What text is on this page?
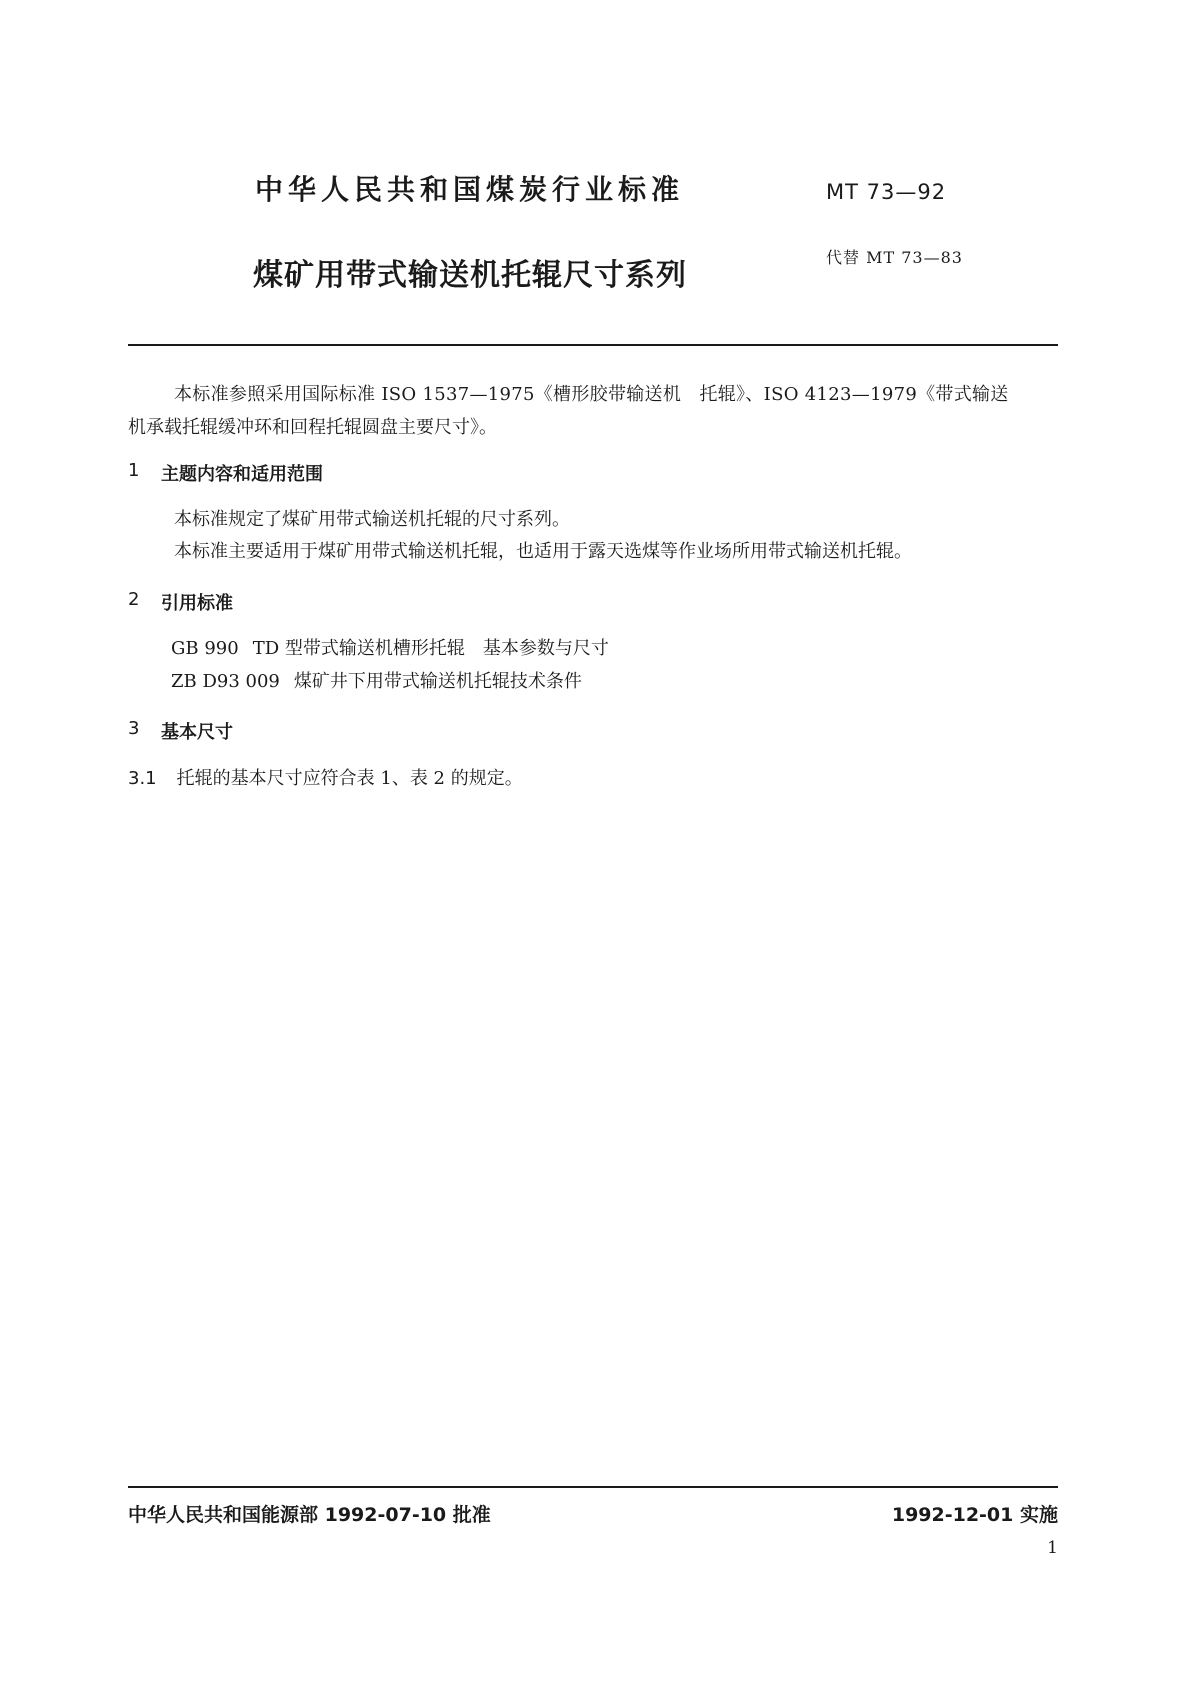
中华人民共和国煤炭行业标准	MT 73—92
煤矿用带式输送机托辊尺寸系列
代替 MT 73—83
本标准参照采用国际标准 ISO 1537—1975《槽形胶带输送机　托辊》、ISO 4123—1979《带式输送
机承载托辊缓冲环和回程托辊圆盘主要尺寸》。
1 主题内容和适用范围
本标准规定了煤矿用带式输送机托辊的尺寸系列。
本标准主要适用于煤矿用带式输送机托辊，也适用于露天选煤等作业场所用带式输送机托辊。
2 引用标准
GB 990 TD 型带式输送机槽形托辊　基本参数与尺寸
ZB D93 009 煤矿井下用带式输送机托辊技术条件
3 基本尺寸
3.1 托辊的基本尺寸应符合表 1、表 2 的规定。
中华人民共和国能源部 1992-07-10 批准	1992-12-01 实施
1
